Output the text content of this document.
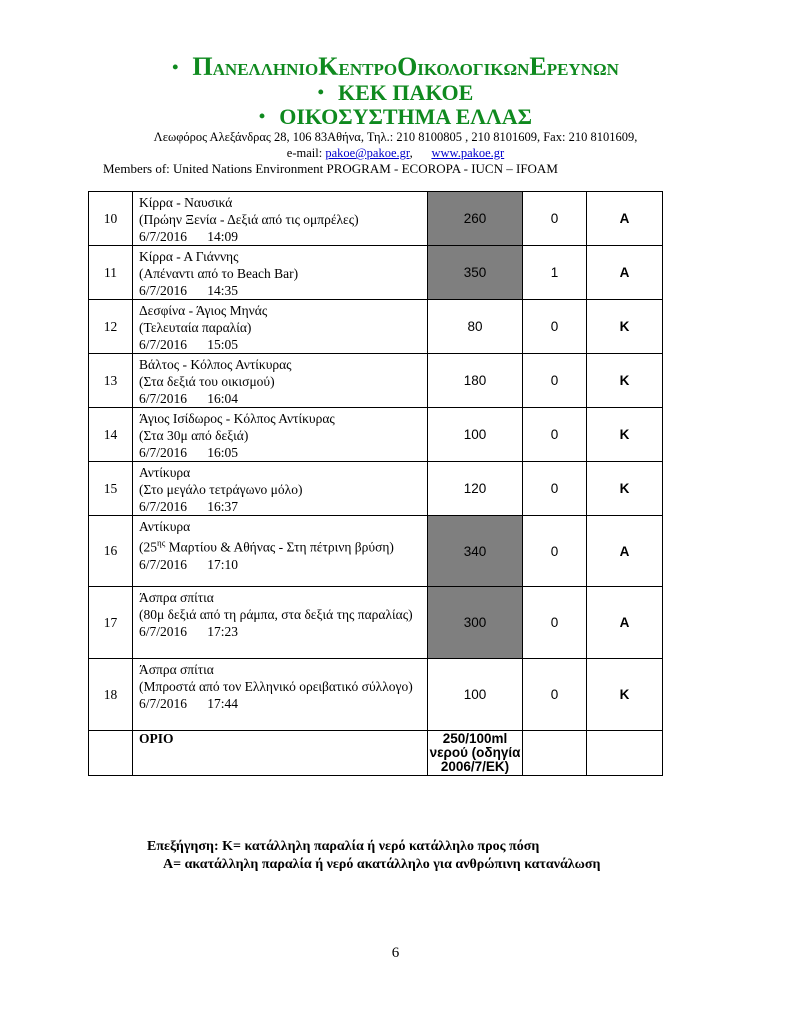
• ΠΑΝΕΛΛΗΝΙΟΚΕΝΤΡΟΟΙΚΟΛΟΓΙΚΩΝΕΡΕΥΝΩΝ
• ΚΕΚ ΠΑΚΟΕ
• ΟΙΚΟΣΥΣΤΗΜΑ ΕΛΛΑΣ
Λεωφόρος Αλεξάνδρας 28, 106 83Αθήνα, Τηλ.: 210 8100805 , 210 8101609, Fax: 210 8101609,
e-mail: pakoe@pakoe.gr,      www.pakoe.gr
Members of: United Nations Environment PROGRAM - ECOROPA - IUCN – IFOAM
10	Κίρρα - Ναυσικά
(Πρώην Ξενία - Δεξιά από τις ομπρέλες)
6/7/2016 14:09	260	0	Α
11	Κίρρα - Α Γιάννης
(Απέναντι από το Beach Bar)
6/7/2016 14:35	350	1	Α
12	Δεσφίνα - Άγιος Μηνάς
(Τελευταία παραλία)
6/7/2016 15:05	80	0	Κ
13	Βάλτος - Κόλπος Αντίκυρας
(Στα δεξιά του οικισμού)
6/7/2016 16:04	180	0	Κ
14	Άγιος Ισίδωρος - Κόλπος Αντίκυρας
(Στα 30μ από δεξιά)
6/7/2016 16:05	100	0	Κ
15	Αντίκυρα
(Στο μεγάλο τετράγωνο μόλο)
6/7/2016 16:37	120	0	Κ
16	Αντίκυρα
($25^{\eta\varsigma}$ Μαρτίου & Αθήνας - Στη πέτρινη βρύση)
6/7/2016 17:10	340	0	Α
17	Άσπρα σπίτια
(80μ δεξιά από τη ράμπα, στα δεξιά της παραλίας)
6/7/2016 17:23	300	0	Α
18	Άσπρα σπίτια
(Μπροστά από τον Ελληνικό ορειβατικό σύλλογο)
6/7/2016 17:44	100	0	Κ
	ΟΡΙΟ	250/100ml
νερού (οδηγία
2006/7/ΕΚ)		

Επεξήγηση: Κ= κατάλληλη παραλία ή νερό κατάλληλο προς πόση
Α= ακατάλληλη παραλία ή νερό ακατάλληλο για ανθρώπινη κατανάλωση
6
